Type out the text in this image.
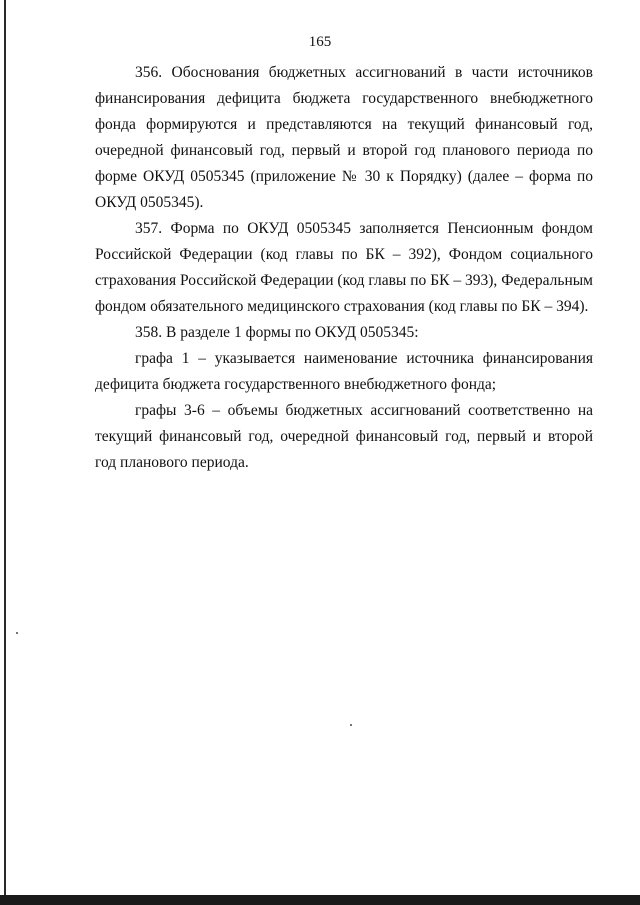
165

356. Обоснования бюджетных ассигнований в части источников финансирования дефицита бюджета государственного внебюджетного фонда формируются и представляются на текущий финансовый год, очередной финансовый год, первый и второй год планового периода по форме ОКУД 0505345 (приложение № 30 к Порядку) (далее – форма по ОКУД 0505345).

357. Форма по ОКУД 0505345 заполняется Пенсионным фондом Российской Федерации (код главы по БК – 392), Фондом социального страхования Российской Федерации (код главы по БК – 393), Федеральным фондом обязательного медицинского страхования (код главы по БК – 394).

358. В разделе 1 формы по ОКУД 0505345:

графа 1 – указывается наименование источника финансирования дефицита бюджета государственного внебюджетного фонда;

графы 3-6 – объемы бюджетных ассигнований соответственно на текущий финансовый год, очередной финансовый год, первый и второй год планового периода.
